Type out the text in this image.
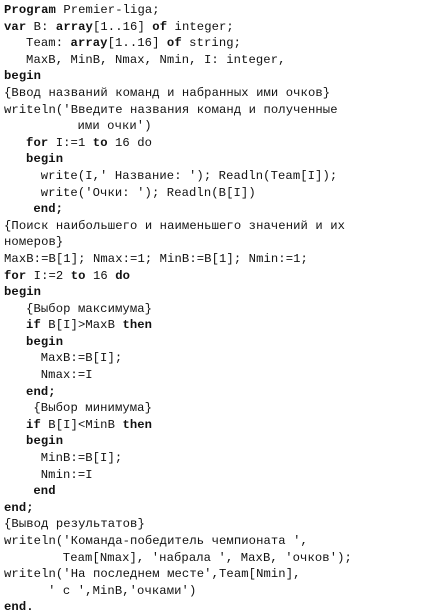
Program Premier-liga;
var B: array[1..16] of integer;
Team: array[1..16] of string;
MaxB, MinB, Nmax, Nmin, I: integer,
begin
{Ввод названий команд и набранных ими очков}
writeln('Введите названия команд и полученные
ими очки')
for I:=1 to 16 do
begin
write(I,' Название: '); Readln(Team[I]);
write('Очки: '); Readln(B[I])
end;
{Поиск наибольшего и наименьшего значений и их
номеров}
MaxB:=B[1]; Nmax:=1; MinB:=B[1]; Nmin:=1;
for I:=2 to 16 do
begin
{Выбор максимума}
if B[I]>MaxB then
begin
MaxB:=B[I];
Nmax:=I
end;
{Выбор минимума}
if B[I]<MinB then
begin
MinB:=B[I];
Nmin:=I
end
end;
{Вывод результатов}
writeln('Команда-победитель чемпионата ',
Team[Nmax], 'набрала ', MaxB, 'очков');
writeln('На последнем месте',Team[Nmin],
' с ',MinB,'очками')
end.
